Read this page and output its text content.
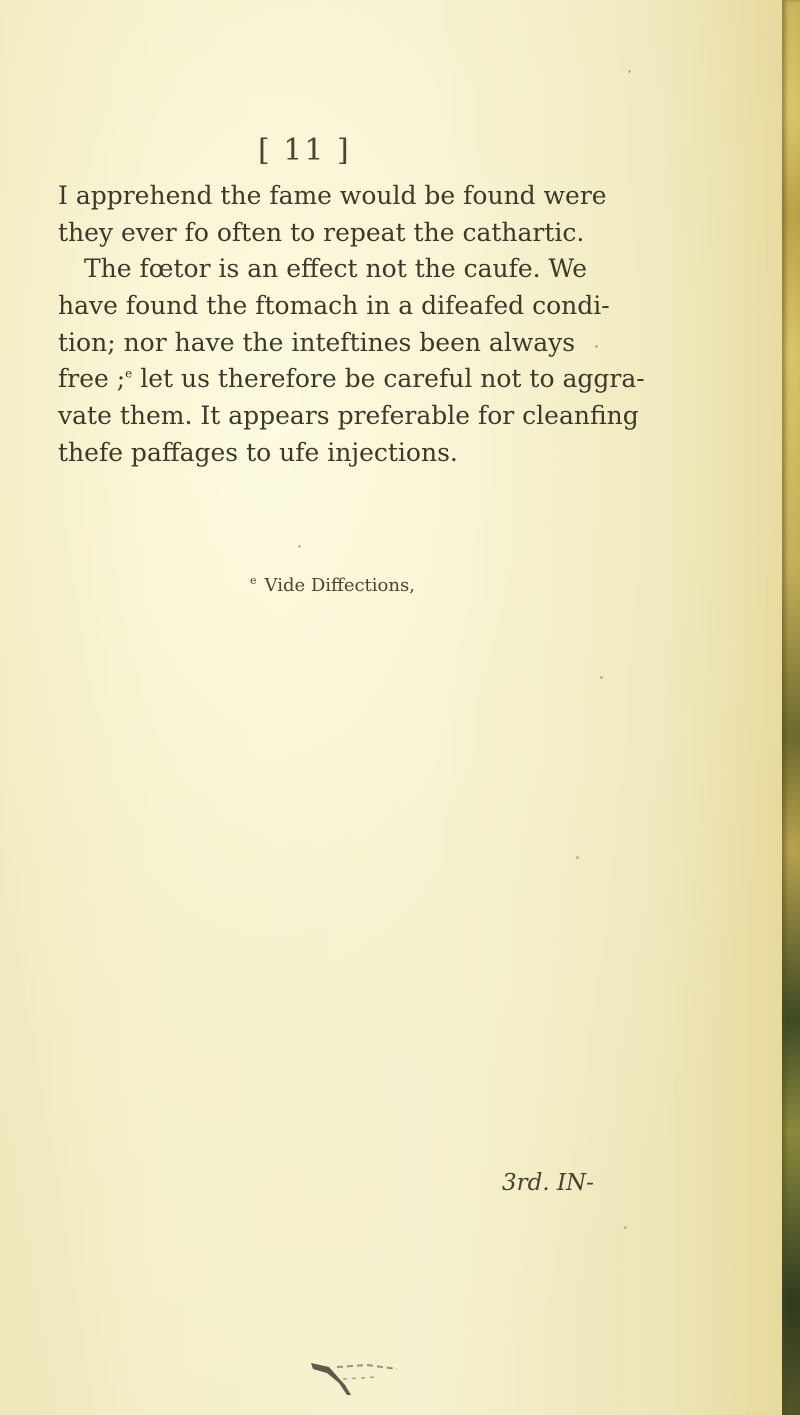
[ 11 ]
I apprehend the fame would be found were
they ever fo often to repeat the cathartic.
The fœtor is an effect not the caufe. We
have found the ftomach in a difeafed condi-
tion; nor have the inteftines been always
free ;$^e$ let us therefore be careful not to aggra-
vate them. It appears preferable for cleanfing
thefe paffages to ufe injections.
$^e$ Vide Diffections,
3rd. IN-
